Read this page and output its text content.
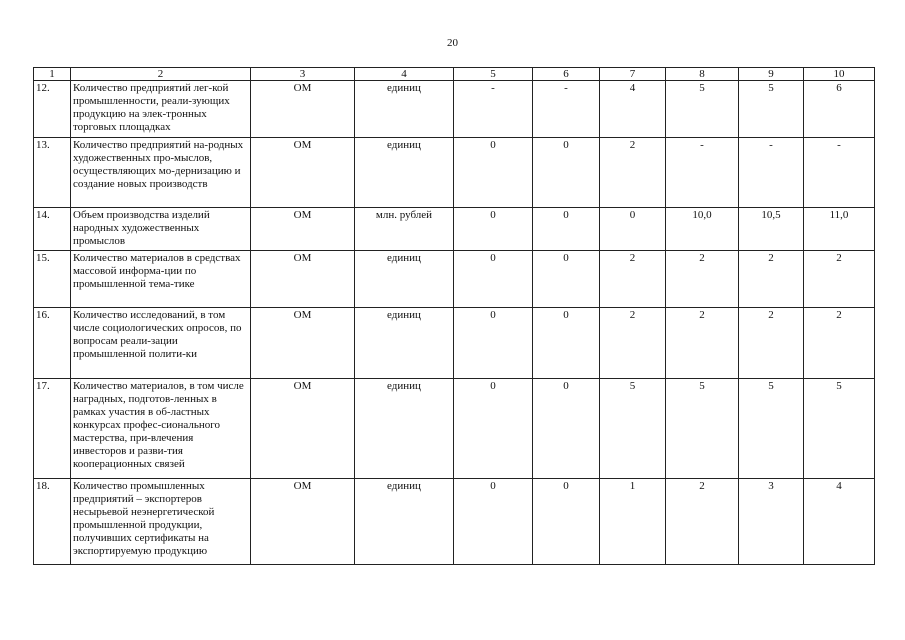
20
1	2	3	4	5	6	7	8	9	10
12.	Количество предприятий лег-кой промышленности, реали-зующих продукцию на элек-тронных торговых площадках	ОМ	единиц	-	-	4	5	5	6
13.	Количество предприятий на-родных художественных про-мыслов, осуществляющих мо-дернизацию и создание новых производств	ОМ	единиц	0	0	2	-	-	-
14.	Объем производства изделий народных художественных промыслов	ОМ	млн. рублей	0	0	0	10,0	10,5	11,0
15.	Количество материалов в средствах массовой информа-ции по промышленной тема-тике	ОМ	единиц	0	0	2	2	2	2
16.	Количество исследований, в том числе социологических опросов, по вопросам реали-зации промышленной полити-ки	ОМ	единиц	0	0	2	2	2	2
17.	Количество материалов, в том числе наградных, подготов-ленных в рамках участия в об-ластных конкурсах профес-сионального мастерства, при-влечения инвесторов и разви-тия кооперационных связей	ОМ	единиц	0	0	5	5	5	5
18.	Количество промышленных предприятий – экспортеров несырьевой неэнергетической промышленной продукции, получивших сертификаты на экспортируемую продукцию	ОМ	единиц	0	0	1	2	3	4
